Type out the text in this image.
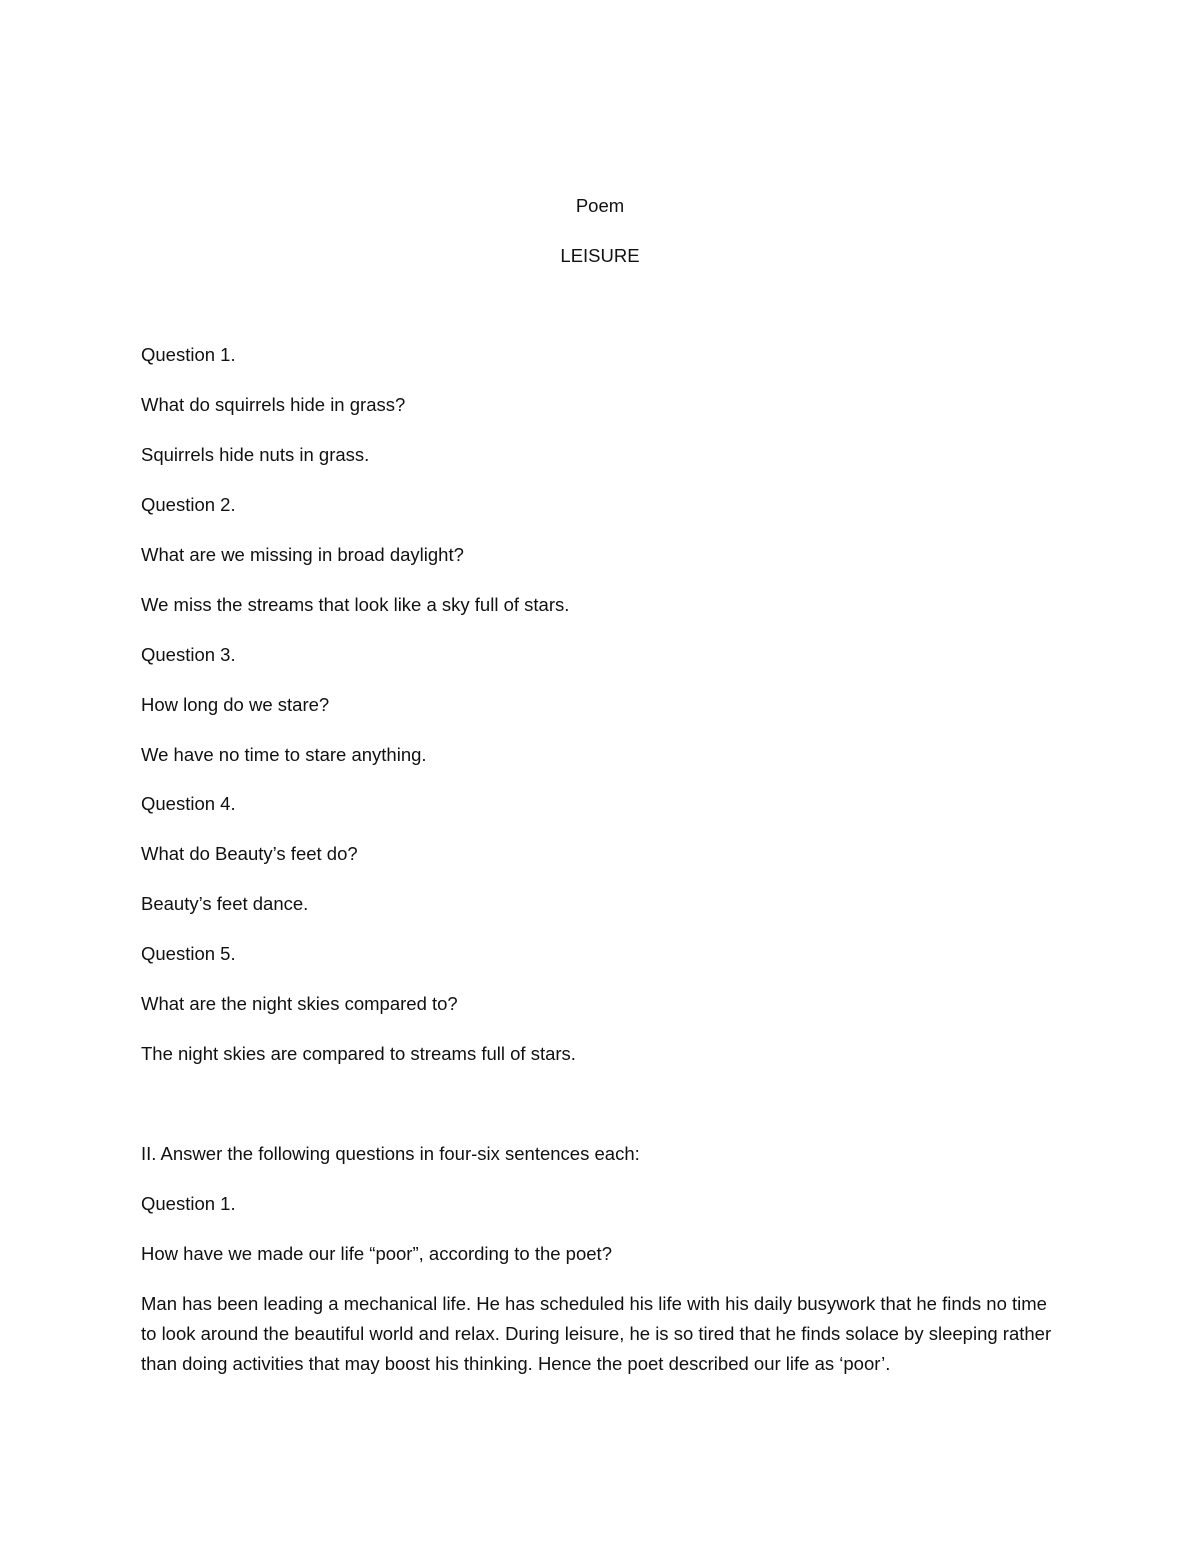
Poem
LEISURE
Question 1.
What do squirrels hide in grass?
Squirrels hide nuts in grass.
Question 2.
What are we missing in broad daylight?
We miss the streams that look like a sky full of stars.
Question 3.
How long do we stare?
We have no time to stare anything.
Question 4.
What do Beauty’s feet do?
Beauty’s feet dance.
Question 5.
What are the night skies compared to?
The night skies are compared to streams full of stars.
II. Answer the following questions in four-six sentences each:
Question 1.
How have we made our life “poor”, according to the poet?
Man has been leading a mechanical life. He has scheduled his life with his daily busywork that he finds no time to look around the beautiful world and relax. During leisure, he is so tired that he finds solace by sleeping rather than doing activities that may boost his thinking. Hence the poet described our life as ‘poor’.
